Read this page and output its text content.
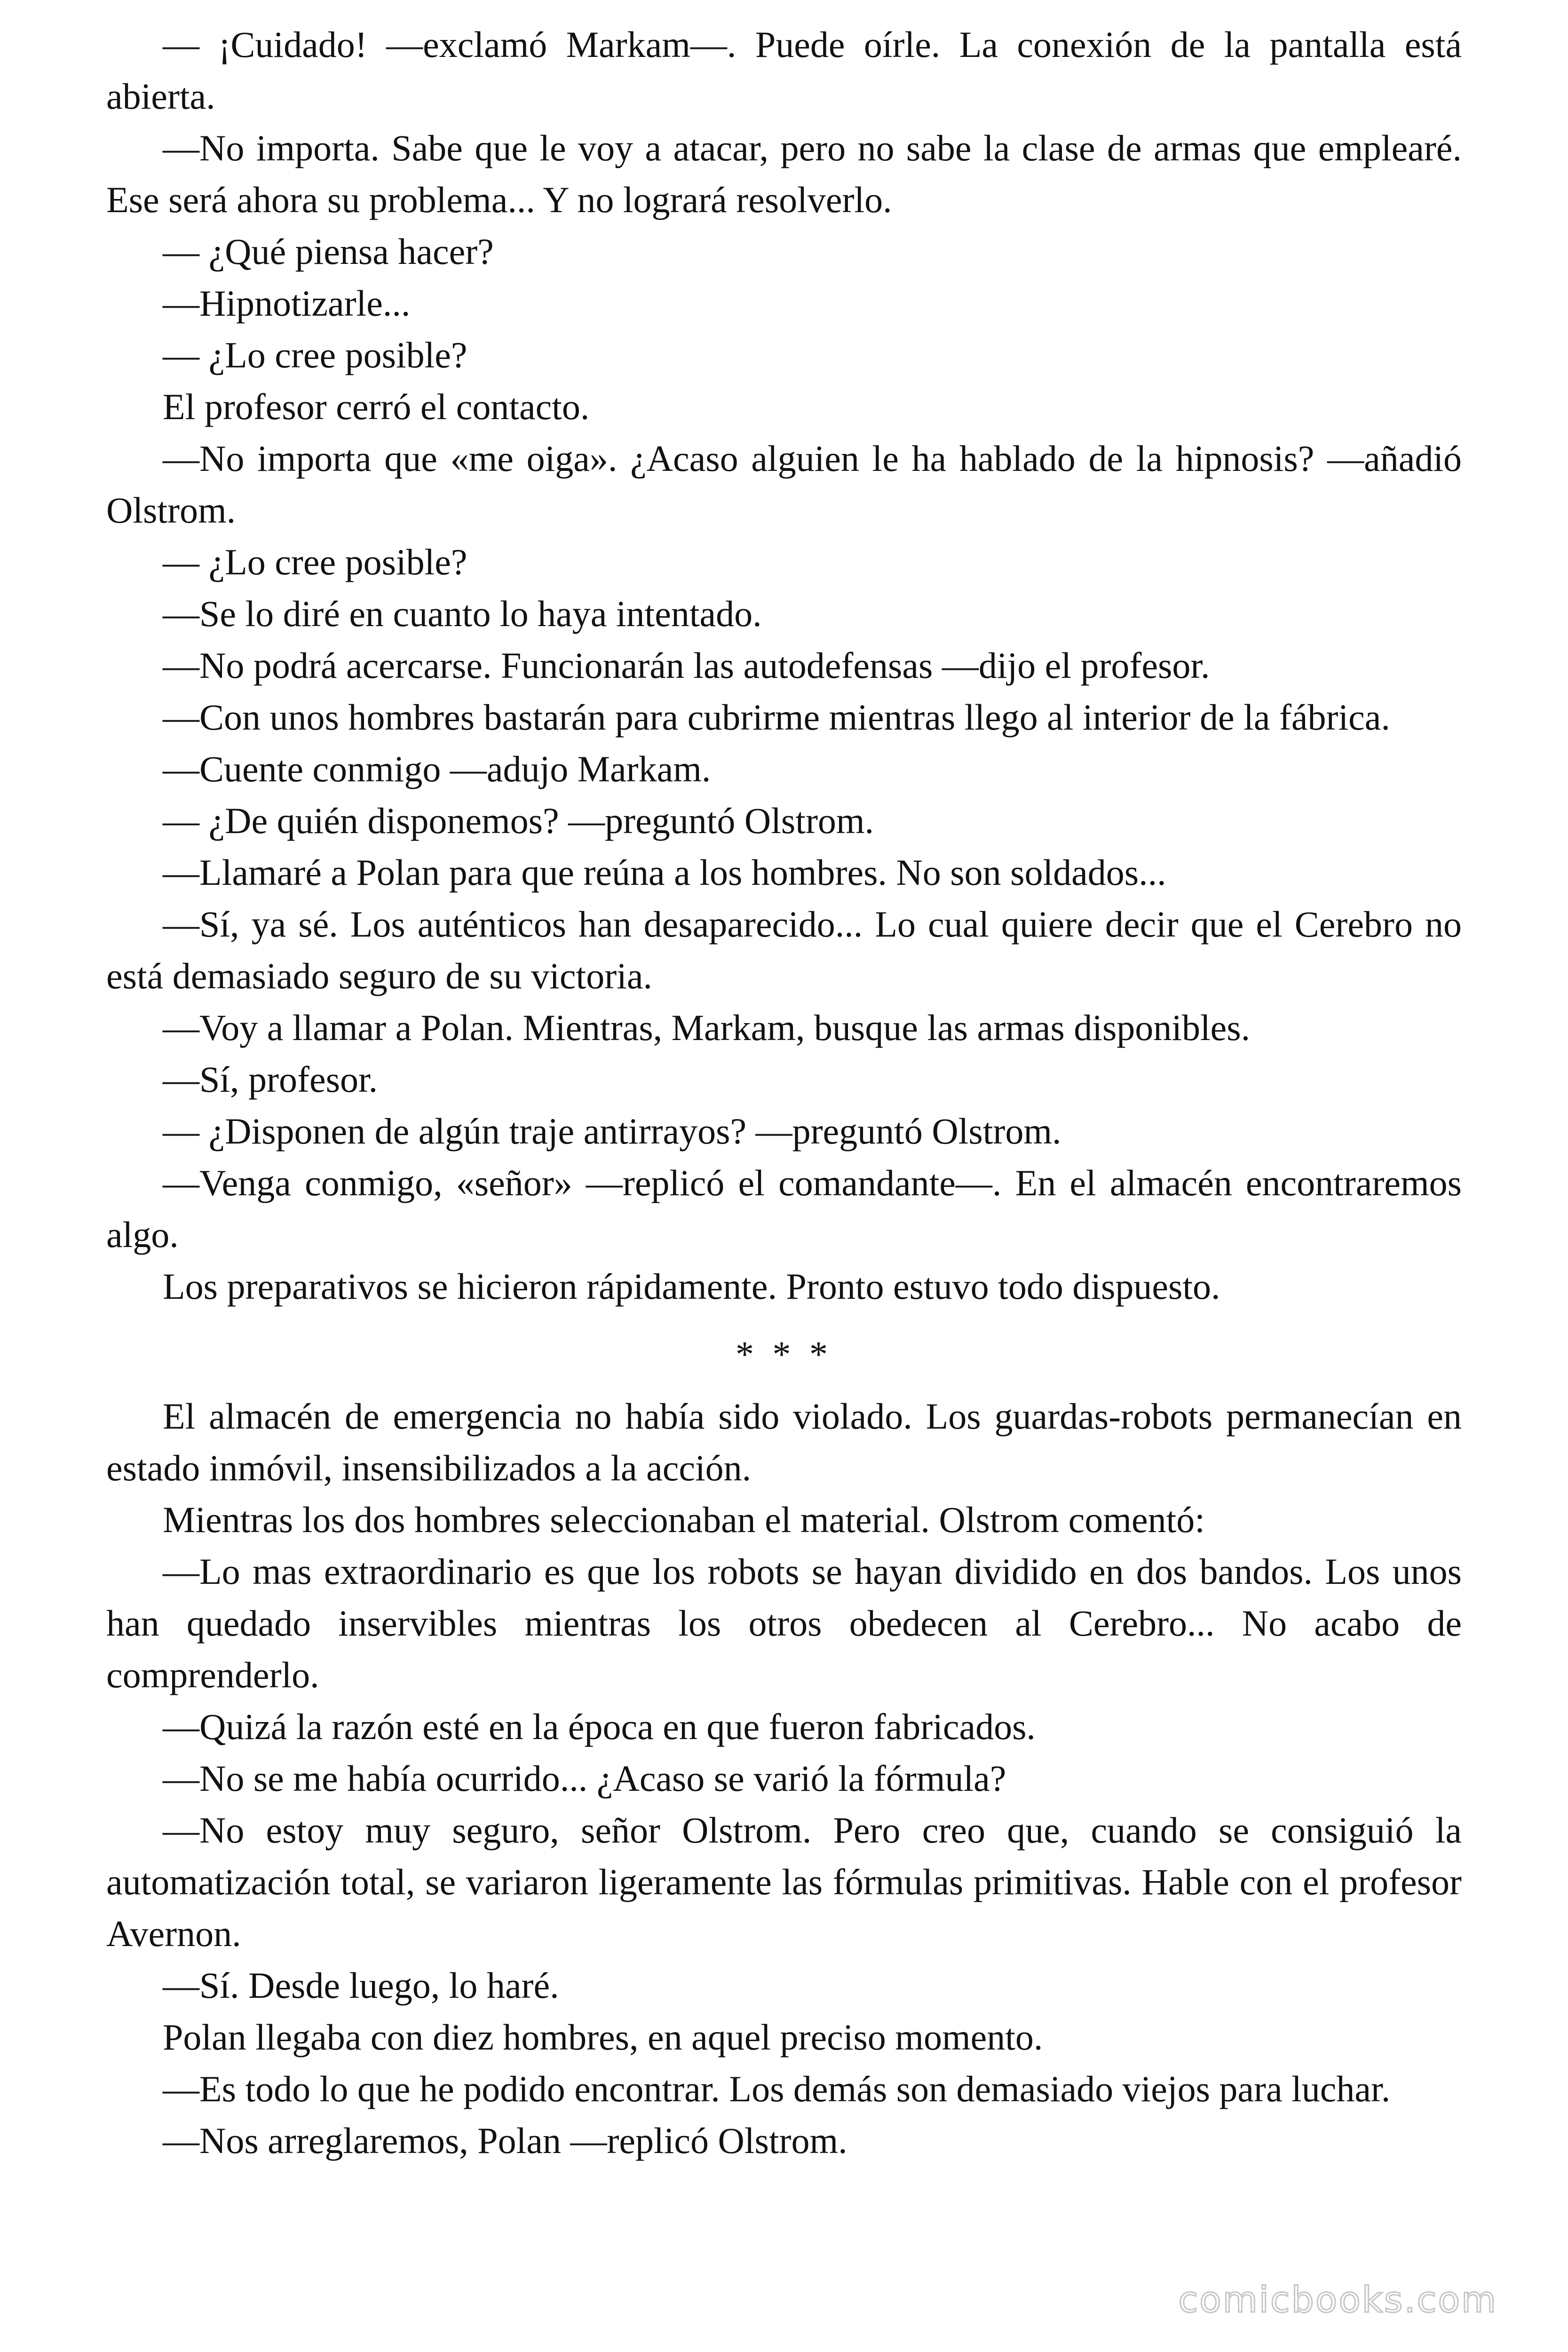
— ¡Cuidado! —exclamó Markam—. Puede oírle. La conexión de la pantalla está abierta.

—No importa. Sabe que le voy a atacar, pero no sabe la clase de armas que emplearé. Ese será ahora su problema... Y no logrará resolverlo.

— ¿Qué piensa hacer?

—Hipnotizarle...

— ¿Lo cree posible?

El profesor cerró el contacto.

—No importa que «me oiga». ¿Acaso alguien le ha hablado de la hipnosis? —añadió Olstrom.

— ¿Lo cree posible?

—Se lo diré en cuanto lo haya intentado.

—No podrá acercarse. Funcionarán las autodefensas —dijo el profesor.

—Con unos hombres bastarán para cubrirme mientras llego al interior de la fábrica.

—Cuente conmigo —adujo Markam.

— ¿De quién disponemos? —preguntó Olstrom.

—Llamaré a Polan para que reúna a los hombres. No son soldados...

—Sí, ya sé. Los auténticos han desaparecido... Lo cual quiere decir que el Cerebro no está demasiado seguro de su victoria.

—Voy a llamar a Polan. Mientras, Markam, busque las armas disponibles.

—Sí, profesor.

— ¿Disponen de algún traje antirrayos? —preguntó Olstrom.

—Venga conmigo, «señor» —replicó el comandante—. En el almacén encontraremos algo.

Los preparativos se hicieron rápidamente. Pronto estuvo todo dispuesto.

* * *

El almacén de emergencia no había sido violado. Los guardas-robots permanecían en estado inmóvil, insensibilizados a la acción.

Mientras los dos hombres seleccionaban el material. Olstrom comentó:

—Lo mas extraordinario es que los robots se hayan dividido en dos bandos. Los unos han quedado inservibles mientras los otros obedecen al Cerebro... No acabo de comprenderlo.

—Quizá la razón esté en la época en que fueron fabricados.

—No se me había ocurrido... ¿Acaso se varió la fórmula?

—No estoy muy seguro, señor Olstrom. Pero creo que, cuando se consiguió la automatización total, se variaron ligeramente las fórmulas primitivas. Hable con el profesor Avernon.

—Sí. Desde luego, lo haré.

Polan llegaba con diez hombres, en aquel preciso momento.

—Es todo lo que he podido encontrar. Los demás son demasiado viejos para luchar.

—Nos arreglaremos, Polan —replicó Olstrom.

comicbooks.com
